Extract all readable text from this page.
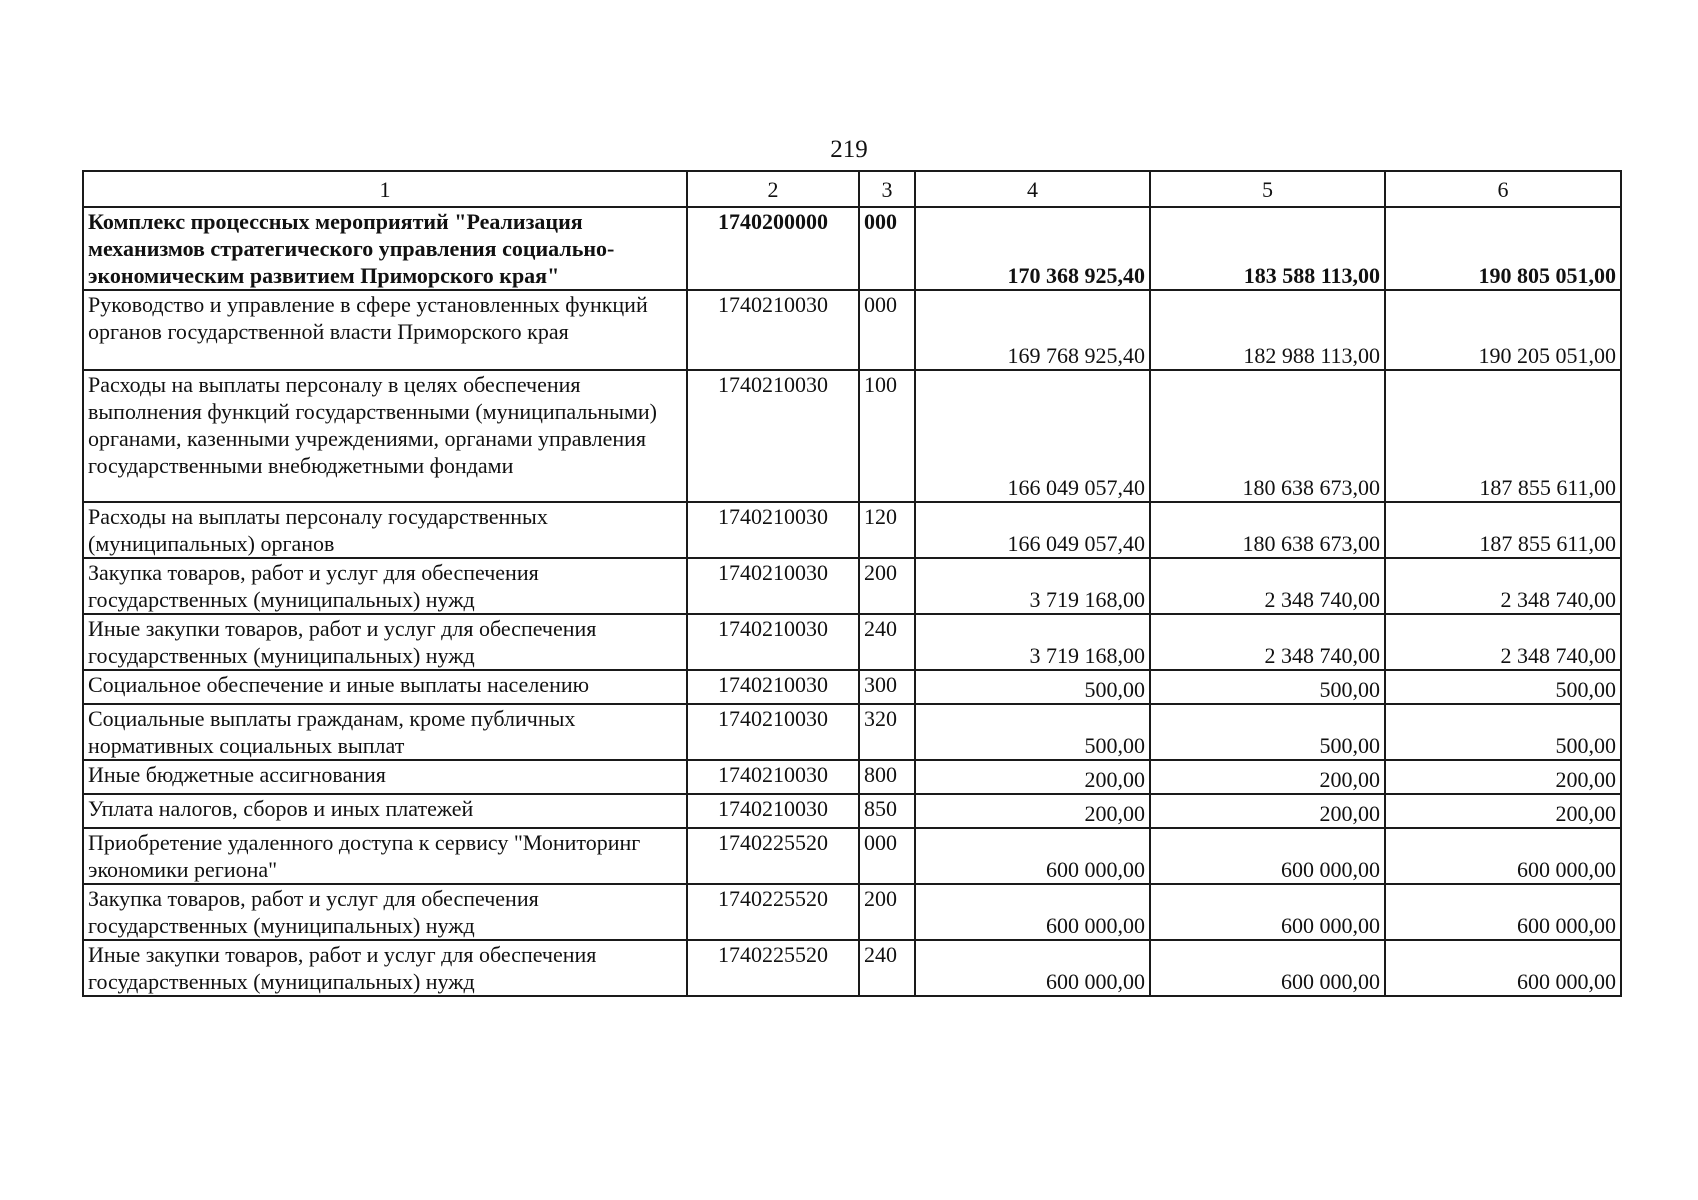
219
1	2	3	4	5	6
Комплекс процессных мероприятий "Реализация механизмов стратегического управления социально-экономическим развитием Приморского края"	1740200000	000	170 368 925,40	183 588 113,00	190 805 051,00
Руководство и управление в сфере установленных функций органов государственной власти Приморского края	1740210030	000	169 768 925,40	182 988 113,00	190 205 051,00
Расходы на выплаты персоналу в целях обеспечения выполнения функций государственными (муниципальными) органами, казенными учреждениями, органами управления государственными внебюджетными фондами	1740210030	100	166 049 057,40	180 638 673,00	187 855 611,00
Расходы на выплаты персоналу государственных (муниципальных) органов	1740210030	120	166 049 057,40	180 638 673,00	187 855 611,00
Закупка товаров, работ и услуг для обеспечения государственных (муниципальных) нужд	1740210030	200	3 719 168,00	2 348 740,00	2 348 740,00
Иные закупки товаров, работ и услуг для обеспечения государственных (муниципальных) нужд	1740210030	240	3 719 168,00	2 348 740,00	2 348 740,00
Социальное обеспечение и иные выплаты населению	1740210030	300	500,00	500,00	500,00
Социальные выплаты гражданам, кроме публичных нормативных социальных выплат	1740210030	320	500,00	500,00	500,00
Иные бюджетные ассигнования	1740210030	800	200,00	200,00	200,00
Уплата налогов, сборов и иных платежей	1740210030	850	200,00	200,00	200,00
Приобретение удаленного доступа к сервису "Мониторинг экономики региона"	1740225520	000	600 000,00	600 000,00	600 000,00
Закупка товаров, работ и услуг для обеспечения государственных (муниципальных) нужд	1740225520	200	600 000,00	600 000,00	600 000,00
Иные закупки товаров, работ и услуг для обеспечения государственных (муниципальных) нужд	1740225520	240	600 000,00	600 000,00	600 000,00
